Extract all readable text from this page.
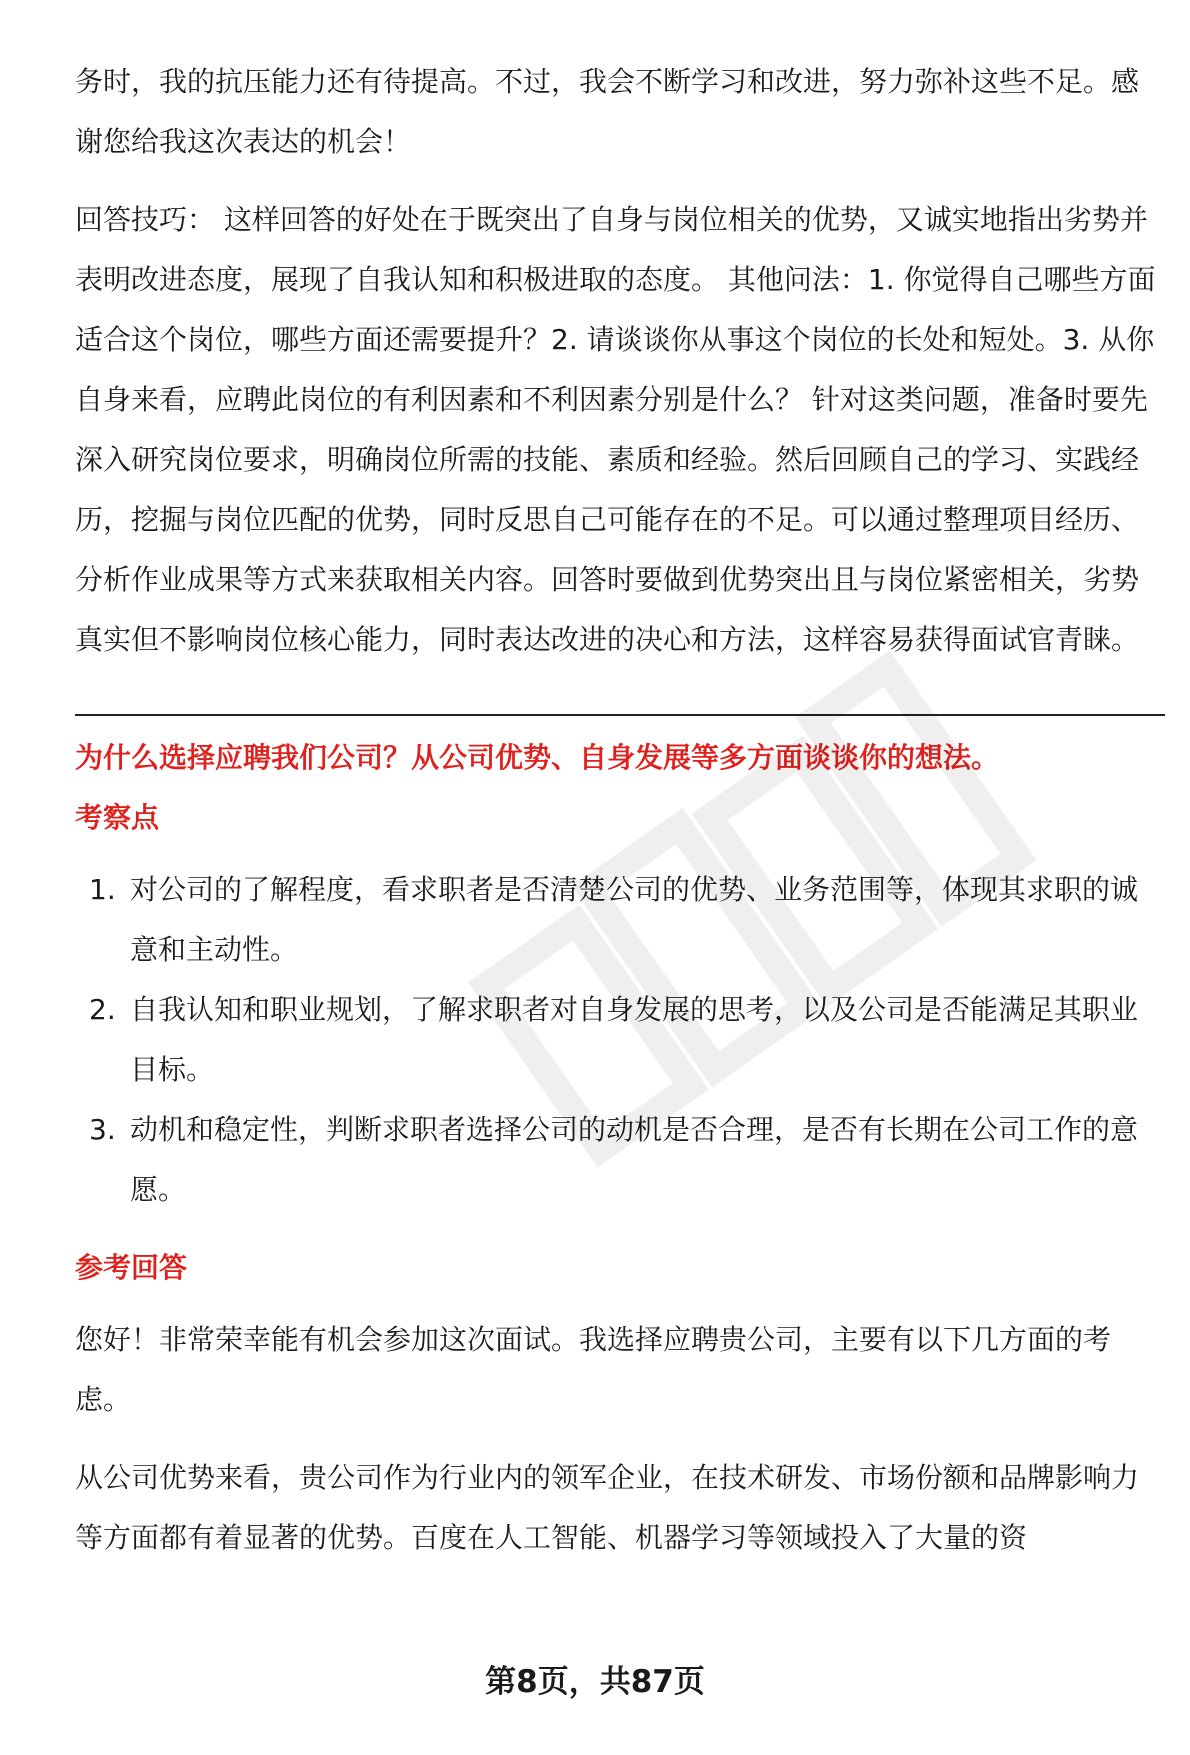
务时，我的抗压能力还有待提高。不过，我会不断学习和改进，努力弥补这些不足。感谢您给我这次表达的机会！

回答技巧： 这样回答的好处在于既突出了自身与岗位相关的优势，又诚实地指出劣势并表明改进态度，展现了自我认知和积极进取的态度。 其他问法：1. 你觉得自己哪些方面适合这个岗位，哪些方面还需要提升？2. 请谈谈你从事这个岗位的长处和短处。3. 从你自身来看，应聘此岗位的有利因素和不利因素分别是什么？ 针对这类问题，准备时要先深入研究岗位要求，明确岗位所需的技能、素质和经验。然后回顾自己的学习、实践经历，挖掘与岗位匹配的优势，同时反思自己可能存在的不足。可以通过整理项目经历、分析作业成果等方式来获取相关内容。回答时要做到优势突出且与岗位紧密相关，劣势真实但不影响岗位核心能力，同时表达改进的决心和方法，这样容易获得面试官青睐。

为什么选择应聘我们公司？从公司优势、自身发展等多方面谈谈你的想法。

考察点

1. 对公司的了解程度，看求职者是否清楚公司的优势、业务范围等，体现其求职的诚意和主动性。
2. 自我认知和职业规划，了解求职者对自身发展的思考，以及公司是否能满足其职业目标。
3. 动机和稳定性，判断求职者选择公司的动机是否合理，是否有长期在公司工作的意愿。

参考回答

您好！非常荣幸能有机会参加这次面试。我选择应聘贵公司，主要有以下几方面的考虑。

从公司优势来看，贵公司作为行业内的领军企业，在技术研发、市场份额和品牌影响力等方面都有着显著的优势。百度在人工智能、机器学习等领域投入了大量的资

第8页，共87页
